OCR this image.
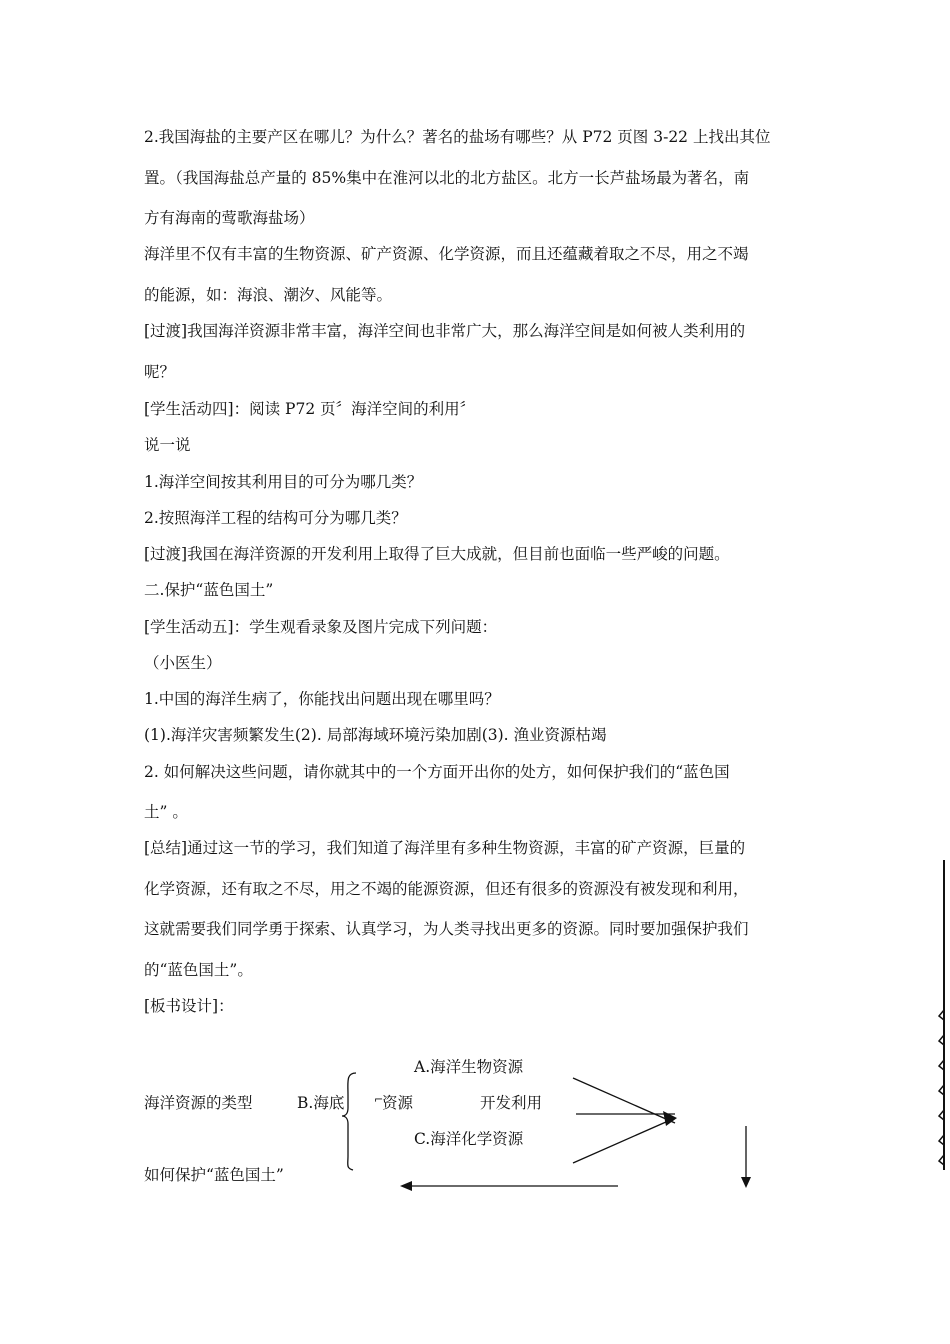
2.我国海盐的主要产区在哪儿？为什么？著名的盐场有哪些？从 P72 页图 3-22 上找出其位
置。（我国海盐总产量的 85%集中在淮河以北的北方盐区。北方一长芦盐场最为著名，南
方有海南的莺歌海盐场）
海洋里不仅有丰富的生物资源、矿产资源、化学资源，而且还蕴藏着取之不尽，用之不竭
的能源，如：海浪、潮汐、风能等。
[过渡]我国海洋资源非常丰富，海洋空间也非常广大，那么海洋空间是如何被人类利用的
呢？
[学生活动四]：阅读 P72 页〞海洋空间的利用〞
说一说
1.海洋空间按其利用目的可分为哪几类？
2.按照海洋工程的结构可分为哪几类？
[过渡]我国在海洋资源的开发利用上取得了巨大成就，但目前也面临一些严峻的问题。
二.保护“蓝色国土”
[学生活动五]：学生观看录象及图片完成下列问题：
（小医生）
1.中国的海洋生病了，你能找出问题出现在哪里吗？
(1).海洋灾害频繁发生(2). 局部海域环境污染加剧(3). 渔业资源枯竭
2. 如何解决这些问题，请你就其中的一个方面开出你的处方，如何保护我们的“蓝色国
土” 。
[总结]通过这一节的学习，我们知道了海洋里有多种生物资源，丰富的矿产资源，巨量的
化学资源，还有取之不尽，用之不竭的能源资源，但还有很多的资源没有被发现和利用，
这就需要我们同学勇于探索、认真学习，为人类寻找出更多的资源。同时要加强保护我们
的“蓝色国土”。
[板书设计]：
海洋资源的类型
A.海洋生物资源
B.海底	⌐
资源	开发利用
C.海洋化学资源
如何保护“蓝色国土”
